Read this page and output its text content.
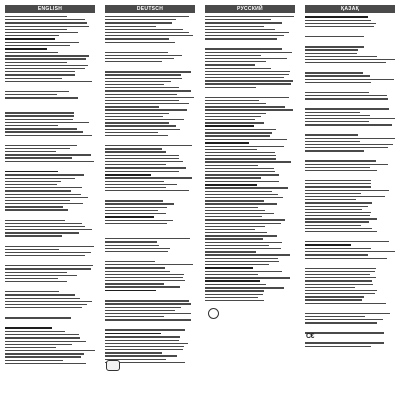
ENGLISH	DEUTSCH	РУССКИЙ	ҚАЗАҚ
C€
